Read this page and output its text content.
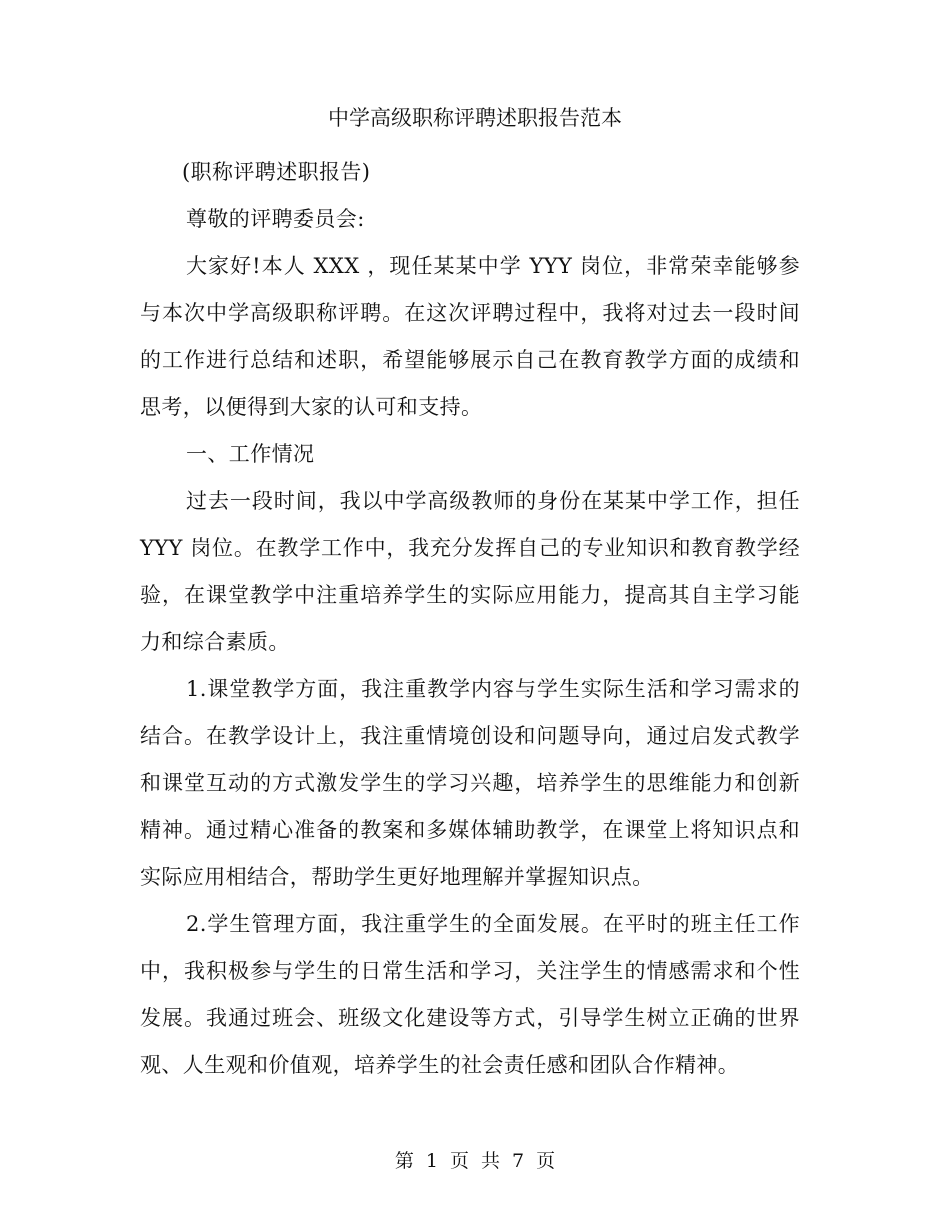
中学高级职称评聘述职报告范本

(职称评聘述职报告)

尊敬的评聘委员会:

大家好!本人 XXX ，现任某某中学 YYY 岗位，非常荣幸能够参与本次中学高级职称评聘。在这次评聘过程中，我将对过去一段时间的工作进行总结和述职，希望能够展示自己在教育教学方面的成绩和思考，以便得到大家的认可和支持。

一、工作情况

过去一段时间，我以中学高级教师的身份在某某中学工作，担任 YYY 岗位。在教学工作中，我充分发挥自己的专业知识和教育教学经验，在课堂教学中注重培养学生的实际应用能力，提高其自主学习能力和综合素质。

1.课堂教学方面，我注重教学内容与学生实际生活和学习需求的结合。在教学设计上，我注重情境创设和问题导向，通过启发式教学和课堂互动的方式激发学生的学习兴趣，培养学生的思维能力和创新精神。通过精心准备的教案和多媒体辅助教学，在课堂上将知识点和实际应用相结合，帮助学生更好地理解并掌握知识点。

2.学生管理方面，我注重学生的全面发展。在平时的班主任工作中，我积极参与学生的日常生活和学习，关注学生的情感需求和个性发展。我通过班会、班级文化建设等方式，引导学生树立正确的世界观、人生观和价值观，培养学生的社会责任感和团队合作精神。

第 1 页 共 7 页
